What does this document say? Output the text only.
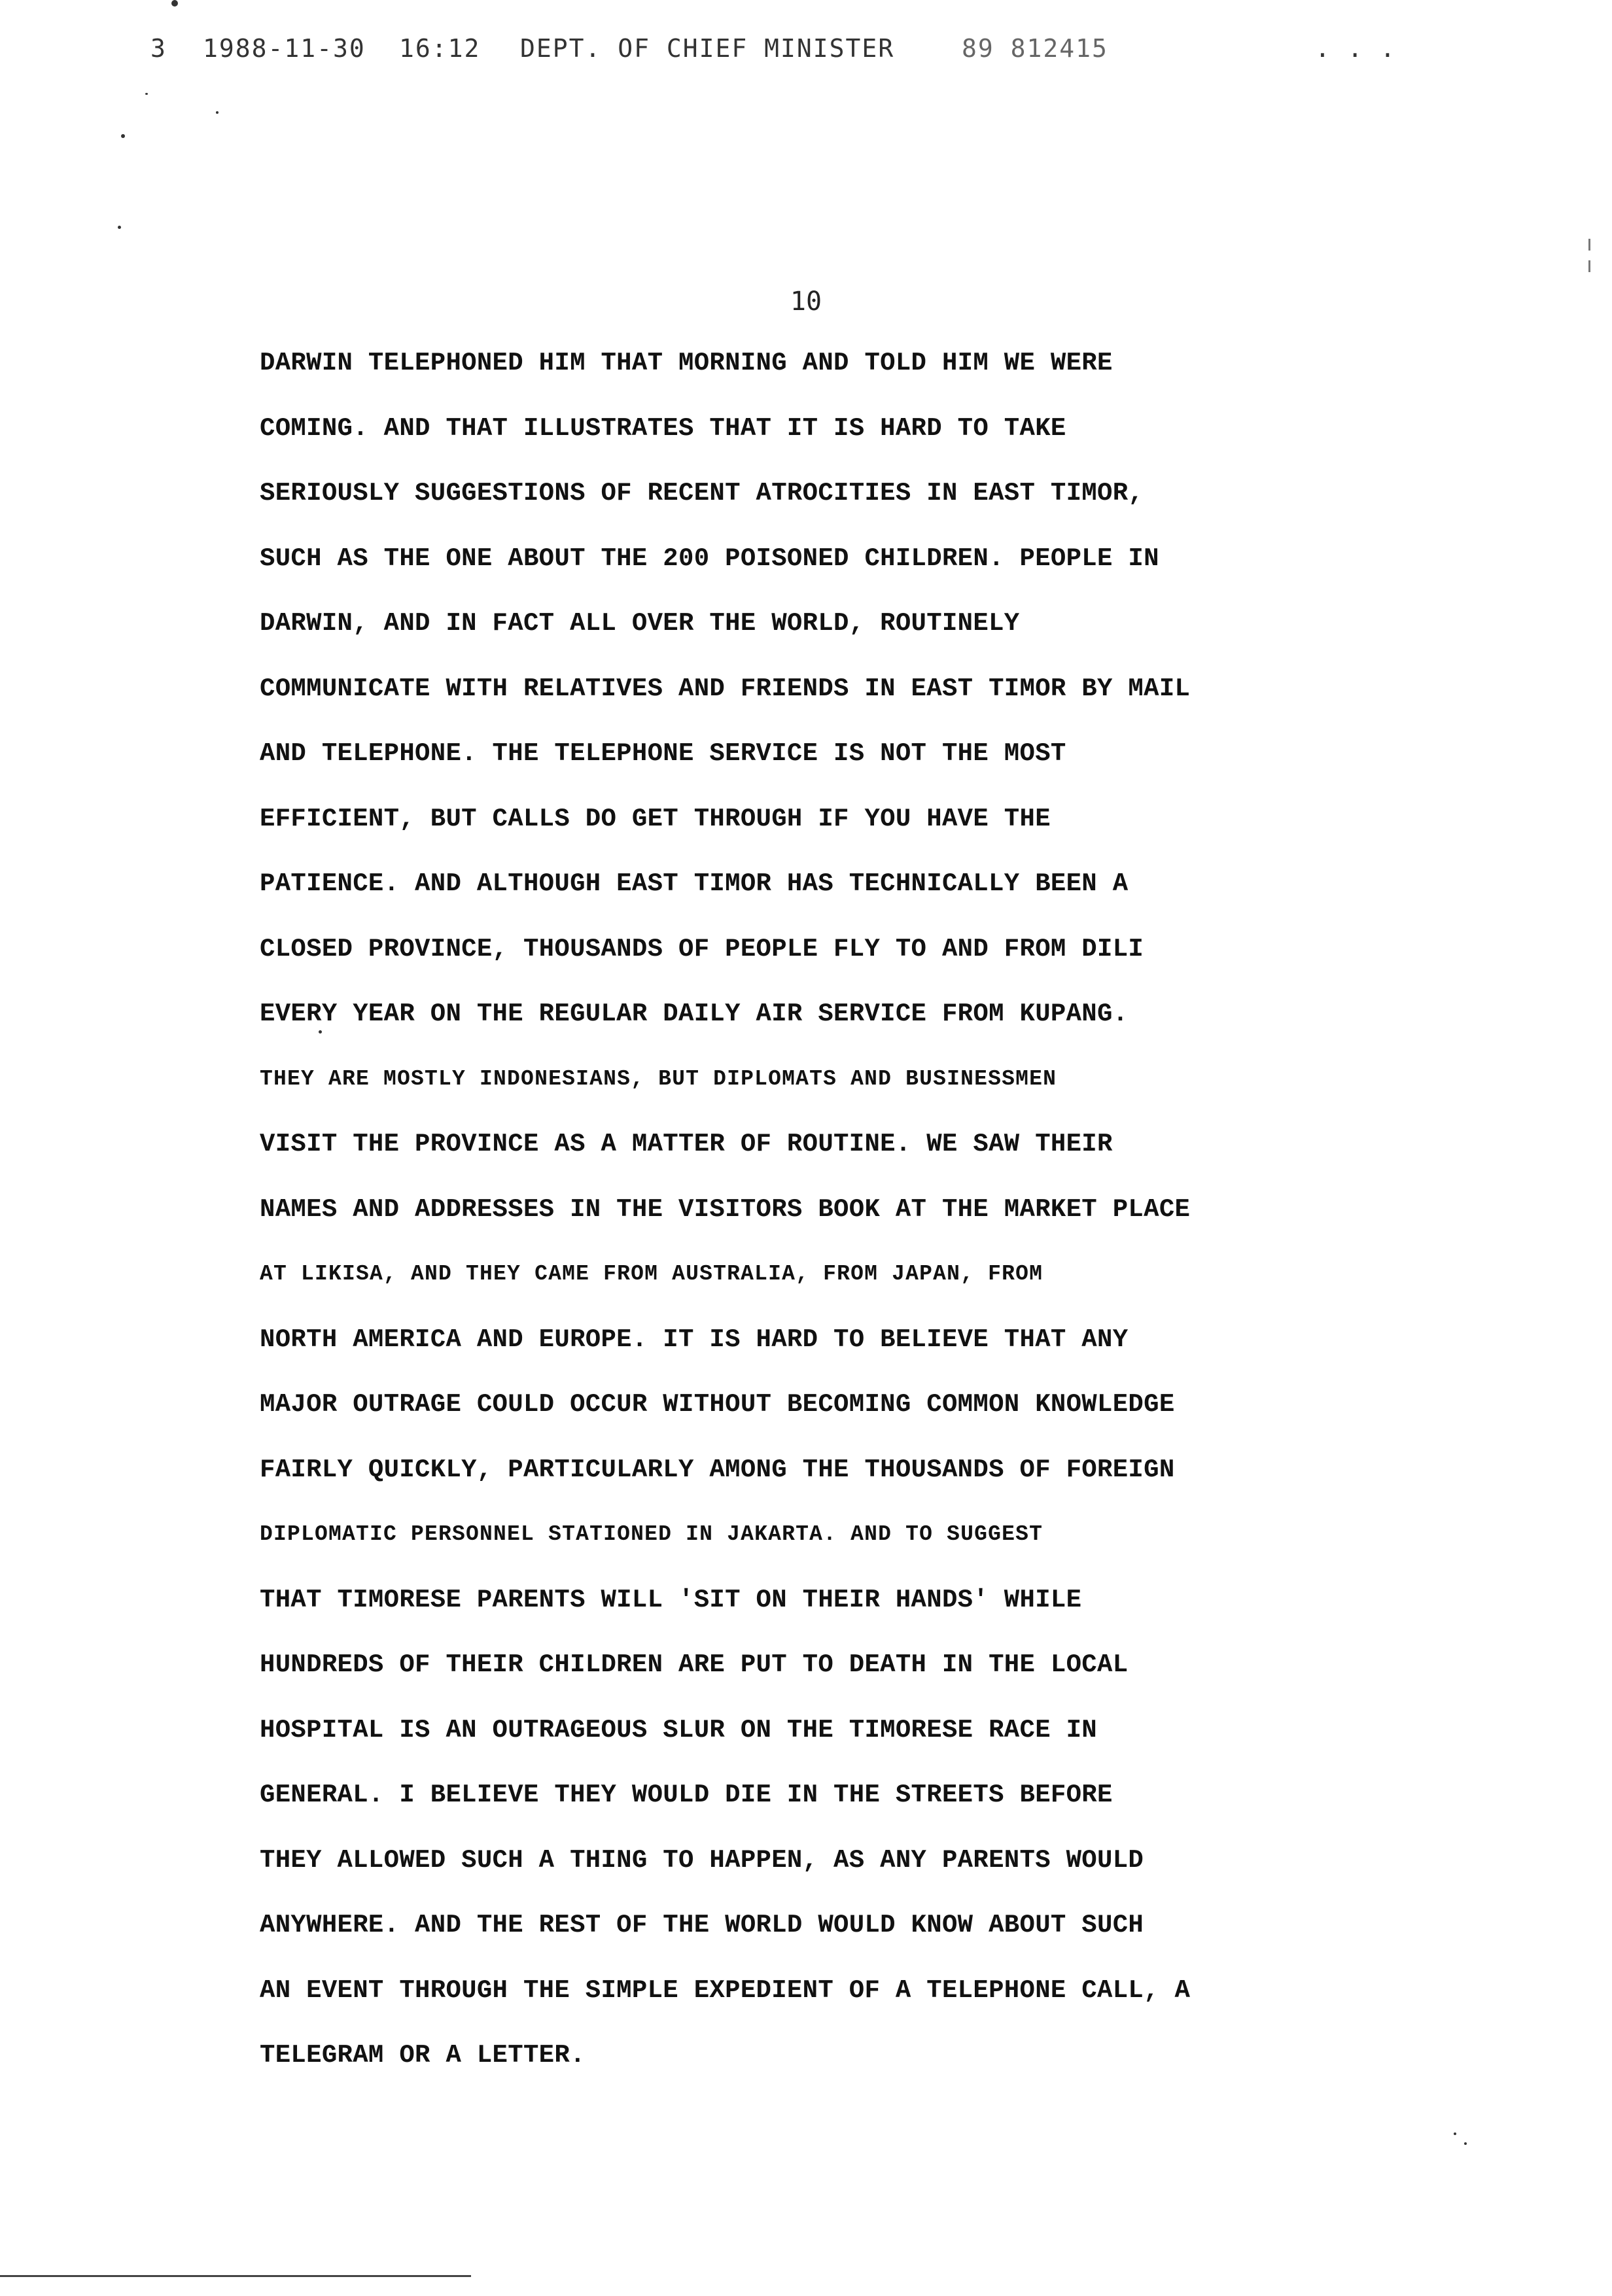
3 1988-11-30 16:12 DEPT. OF CHIEF MINISTER	89 812415	. . .
10
DARWIN TELEPHONED HIM THAT MORNING AND TOLD HIM WE WERE
COMING. AND THAT ILLUSTRATES THAT IT IS HARD TO TAKE
SERIOUSLY SUGGESTIONS OF RECENT ATROCITIES IN EAST TIMOR,
SUCH AS THE ONE ABOUT THE 200 POISONED CHILDREN. PEOPLE IN
DARWIN, AND IN FACT ALL OVER THE WORLD, ROUTINELY
COMMUNICATE WITH RELATIVES AND FRIENDS IN EAST TIMOR BY MAIL
AND TELEPHONE. THE TELEPHONE SERVICE IS NOT THE MOST
EFFICIENT, BUT CALLS DO GET THROUGH IF YOU HAVE THE
PATIENCE. AND ALTHOUGH EAST TIMOR HAS TECHNICALLY BEEN A
CLOSED PROVINCE, THOUSANDS OF PEOPLE FLY TO AND FROM DILI
EVERY YEAR ON THE REGULAR DAILY AIR SERVICE FROM KUPANG.
THEY ARE MOSTLY INDONESIANS, BUT DIPLOMATS AND BUSINESSMEN
VISIT THE PROVINCE AS A MATTER OF ROUTINE. WE SAW THEIR
NAMES AND ADDRESSES IN THE VISITORS BOOK AT THE MARKET PLACE
AT LIKISA, AND THEY CAME FROM AUSTRALIA, FROM JAPAN, FROM
NORTH AMERICA AND EUROPE. IT IS HARD TO BELIEVE THAT ANY
MAJOR OUTRAGE COULD OCCUR WITHOUT BECOMING COMMON KNOWLEDGE
FAIRLY QUICKLY, PARTICULARLY AMONG THE THOUSANDS OF FOREIGN
DIPLOMATIC PERSONNEL STATIONED IN JAKARTA. AND TO SUGGEST
THAT TIMORESE PARENTS WILL 'SIT ON THEIR HANDS' WHILE
HUNDREDS OF THEIR CHILDREN ARE PUT TO DEATH IN THE LOCAL
HOSPITAL IS AN OUTRAGEOUS SLUR ON THE TIMORESE RACE IN
GENERAL. I BELIEVE THEY WOULD DIE IN THE STREETS BEFORE
THEY ALLOWED SUCH A THING TO HAPPEN, AS ANY PARENTS WOULD
ANYWHERE. AND THE REST OF THE WORLD WOULD KNOW ABOUT SUCH
AN EVENT THROUGH THE SIMPLE EXPEDIENT OF A TELEPHONE CALL, A
TELEGRAM OR A LETTER.
